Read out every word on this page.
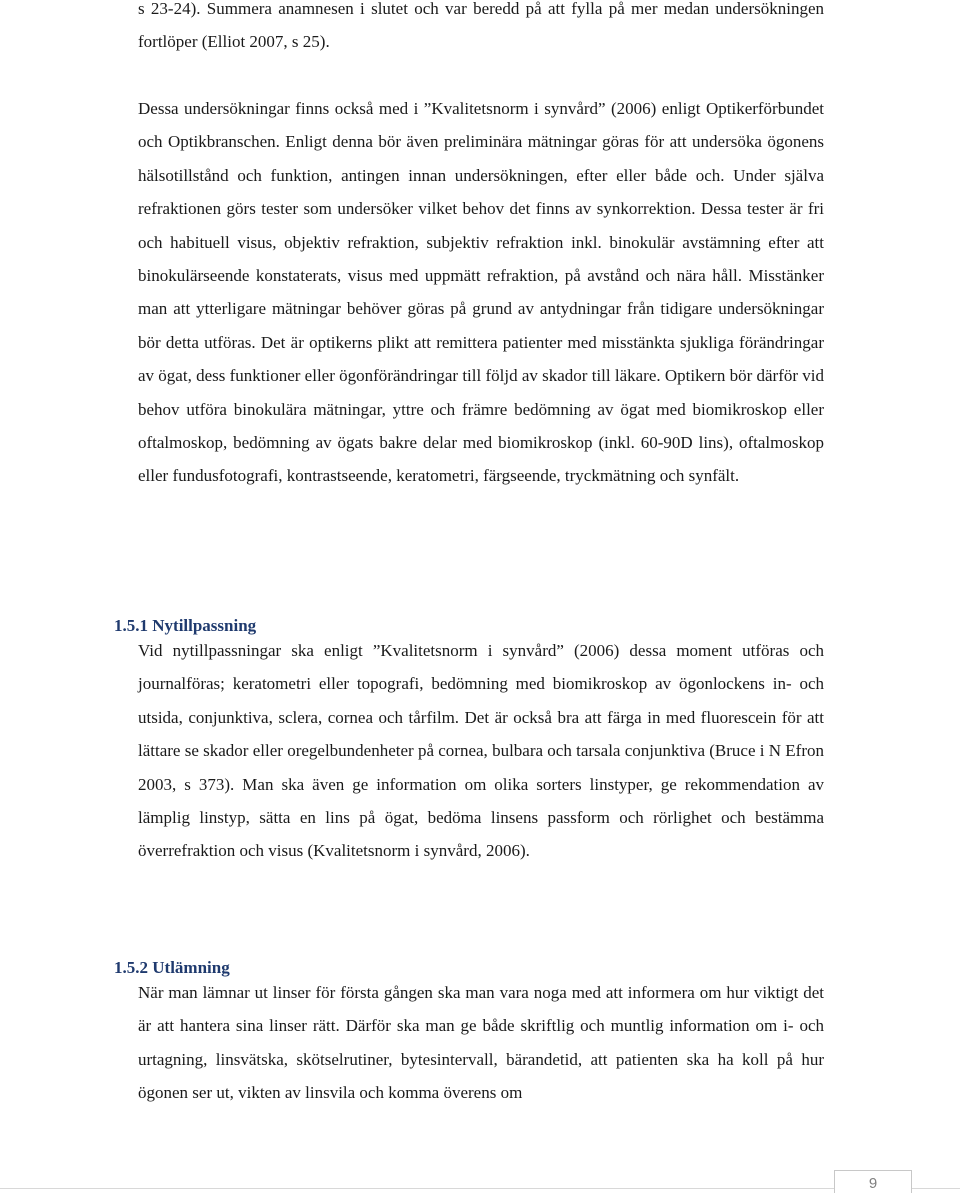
s 23-24). Summera anamnesen i slutet och var beredd på att fylla på mer medan undersökningen fortlöper (Elliot 2007, s 25).

Dessa undersökningar finns också med i ”Kvalitetsnorm i synvård” (2006) enligt Optikerförbundet och Optikbranschen. Enligt denna bör även preliminära mätningar göras för att undersöka ögonens hälsotillstånd och funktion, antingen innan undersökningen, efter eller både och. Under själva refraktionen görs tester som undersöker vilket behov det finns av synkorrektion. Dessa tester är fri och habituell visus, objektiv refraktion, subjektiv refraktion inkl. binokulär avstämning efter att binokulärseende konstaterats, visus med uppmätt refraktion, på avstånd och nära håll. Misstänker man att ytterligare mätningar behöver göras på grund av antydningar från tidigare undersökningar bör detta utföras. Det är optikerns plikt att remittera patienter med misstänkta sjukliga förändringar av ögat, dess funktioner eller ögonförändringar till följd av skador till läkare. Optikern bör därför vid behov utföra binokulära mätningar, yttre och främre bedömning av ögat med biomikroskop eller oftalmoskop, bedömning av ögats bakre delar med biomikroskop (inkl. 60-90D lins), oftalmoskop eller fundusfotografi, kontrastseende, keratometri, färgseende, tryckmätning och synfält.

1.5.1 Nytillpassning

Vid nytillpassningar ska enligt ”Kvalitetsnorm i synvård” (2006) dessa moment utföras och journalföras; keratometri eller topografi, bedömning med biomikroskop av ögonlockens in- och utsida, conjunktiva, sclera, cornea och tårfilm. Det är också bra att färga in med fluorescein för att lättare se skador eller oregelbundenheter på cornea, bulbara och tarsala conjunktiva (Bruce i N Efron 2003, s 373). Man ska även ge information om olika sorters linstyper, ge rekommendation av lämplig linstyp, sätta en lins på ögat, bedöma linsens passform och rörlighet och bestämma överrefraktion och visus (Kvalitetsnorm i synvård, 2006).

1.5.2 Utlämning

När man lämnar ut linser för första gången ska man vara noga med att informera om hur viktigt det är att hantera sina linser rätt. Därför ska man ge både skriftlig och muntlig information om i- och urtagning, linsvätska, skötselrutiner, bytesintervall, bärandetid, att patienten ska ha koll på hur ögonen ser ut, vikten av linsvila och komma överens om

9
